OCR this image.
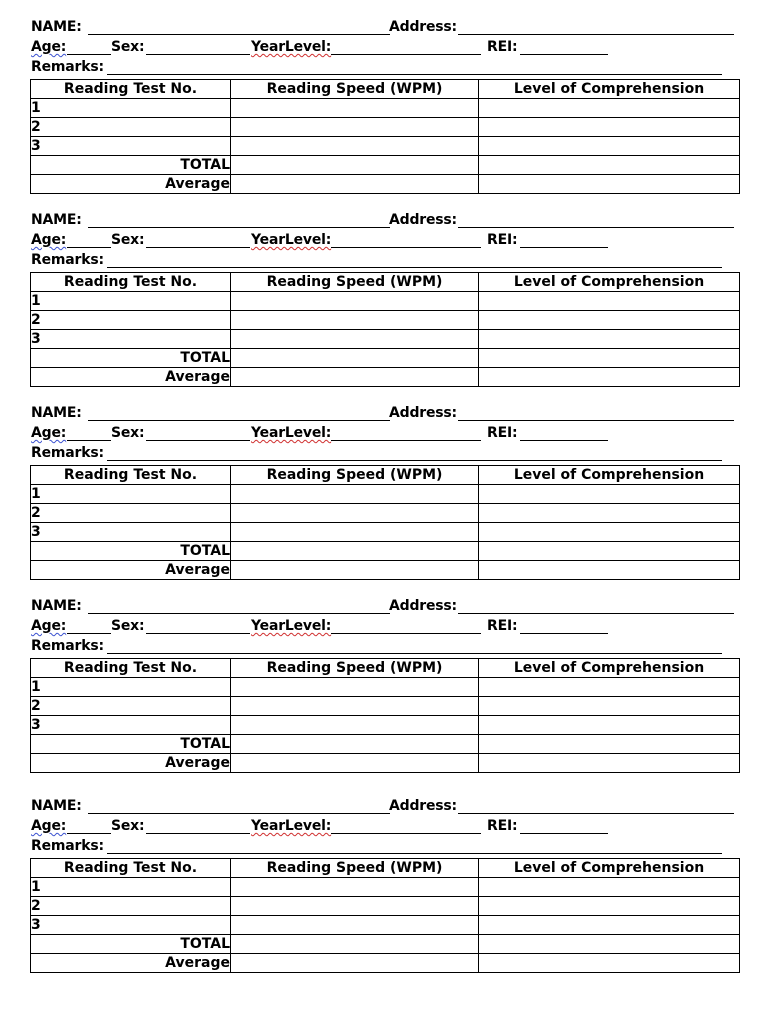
NAME:	Address:
Age:	Sex:	YearLevel:	REI:
Remarks:
Reading Test No.	Reading Speed (WPM)	Level of Comprehension
1		
2		
3		
TOTAL		
Average		
NAME:	Address:
Age:	Sex:	YearLevel:	REI:
Remarks:
Reading Test No.	Reading Speed (WPM)	Level of Comprehension
1		
2		
3		
TOTAL		
Average		
NAME:	Address:
Age:	Sex:	YearLevel:	REI:
Remarks:
Reading Test No.	Reading Speed (WPM)	Level of Comprehension
1		
2		
3		
TOTAL		
Average		
NAME:	Address:
Age:	Sex:	YearLevel:	REI:
Remarks:
Reading Test No.	Reading Speed (WPM)	Level of Comprehension
1		
2		
3		
TOTAL		
Average		
NAME:	Address:
Age:	Sex:	YearLevel:	REI:
Remarks:
Reading Test No.	Reading Speed (WPM)	Level of Comprehension
1		
2		
3		
TOTAL		
Average		
